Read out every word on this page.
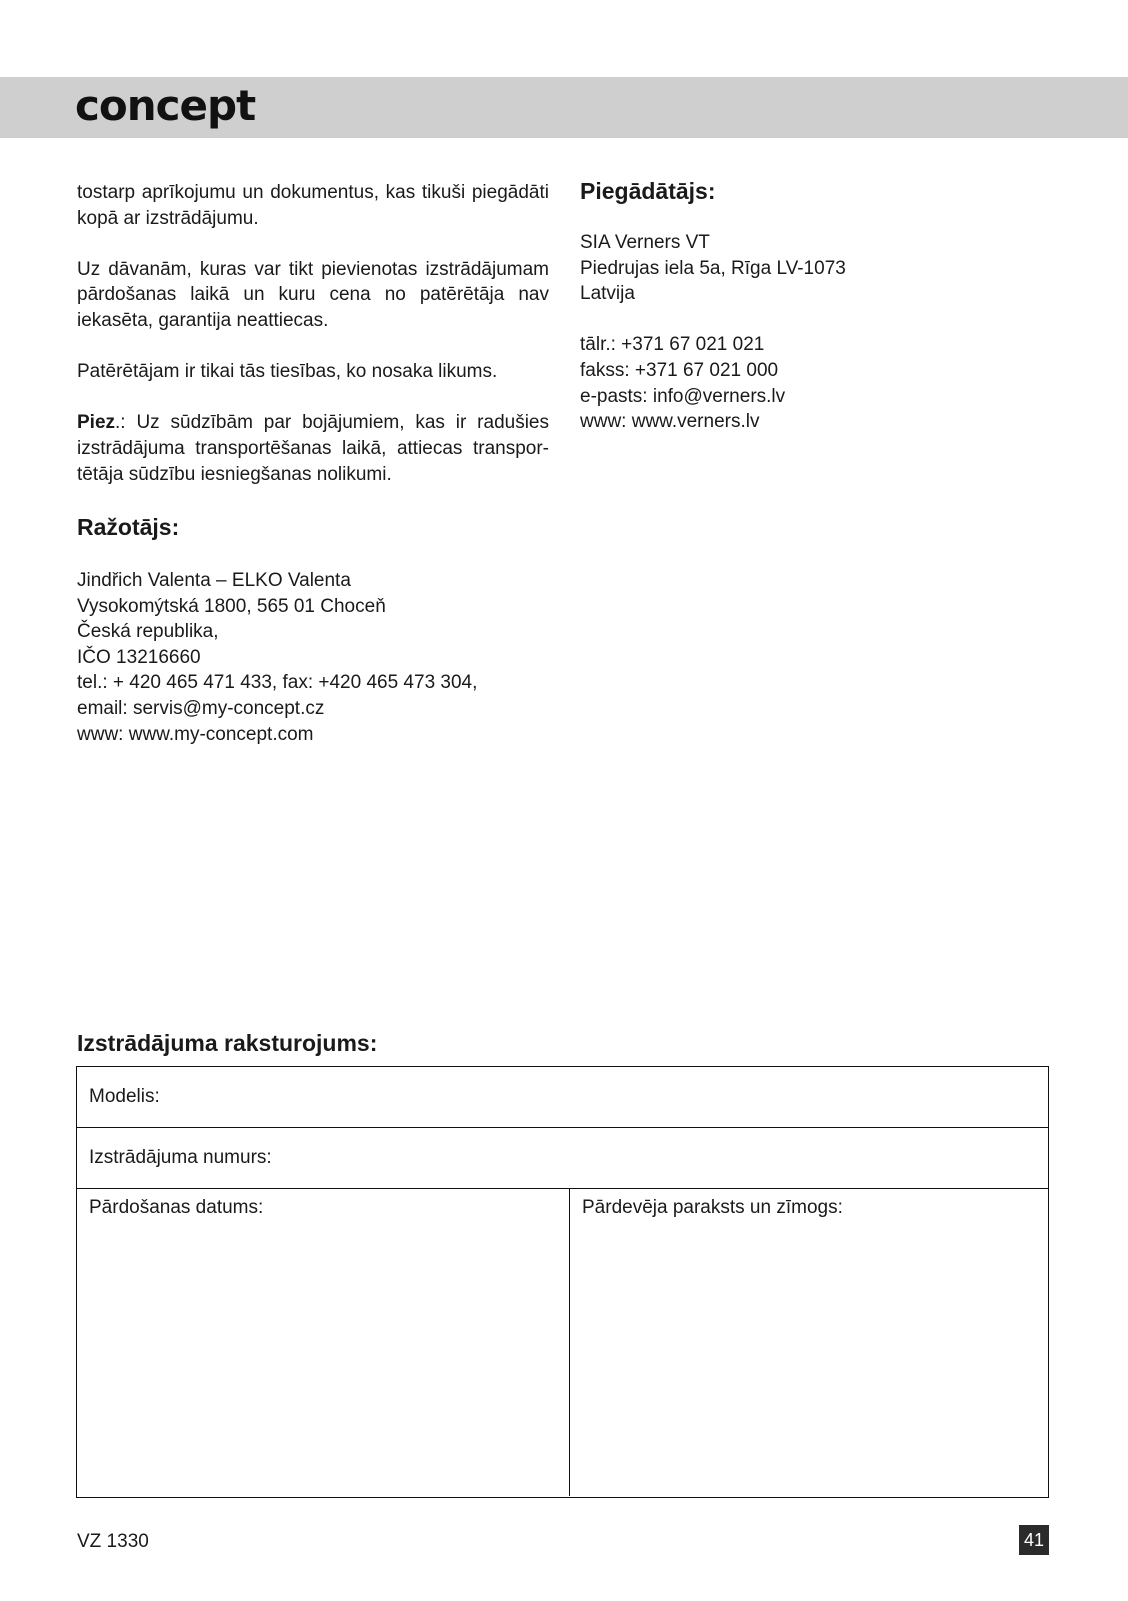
concept

tostarp aprīkojumu un dokumentus, kas tikuši piegādāti kopā ar izstrādājumu.

Uz dāvanām, kuras var tikt pievienotas izstrādājumam pārdošanas laikā un kuru cena no patērētāja nav iekasēta, garantija neattiecas.

Patērētājam ir tikai tās tiesības, ko nosaka likums.

Piez.: Uz sūdzībām par bojājumiem, kas ir radušies izstrādājuma transportēšanas laikā, attiecas transportētāja sūdzību iesniegšanas nolikumi.

Ražotājs:

Jindřich Valenta – ELKO Valenta

Vysokomýtská 1800, 565 01 Choceň

Česká republika,

IČO 13216660

tel.: + 420 465 471 433, fax: +420 465 473 304,

email: servis@my-concept.cz

www: www.my-concept.com

Piegādātājs:

SIA Verners VT

Piedrujas iela 5a, Rīga LV-1073

Latvija

tālr.: +371 67 021 021

fakss: +371 67 021 000

e-pasts: info@verners.lv

www: www.verners.lv

Izstrādājuma raksturojums:
Modelis:
Izstrādājuma numurs:
Pārdošanas datums:	Pārdevēja paraksts un zīmogs:
VZ 1330	41
